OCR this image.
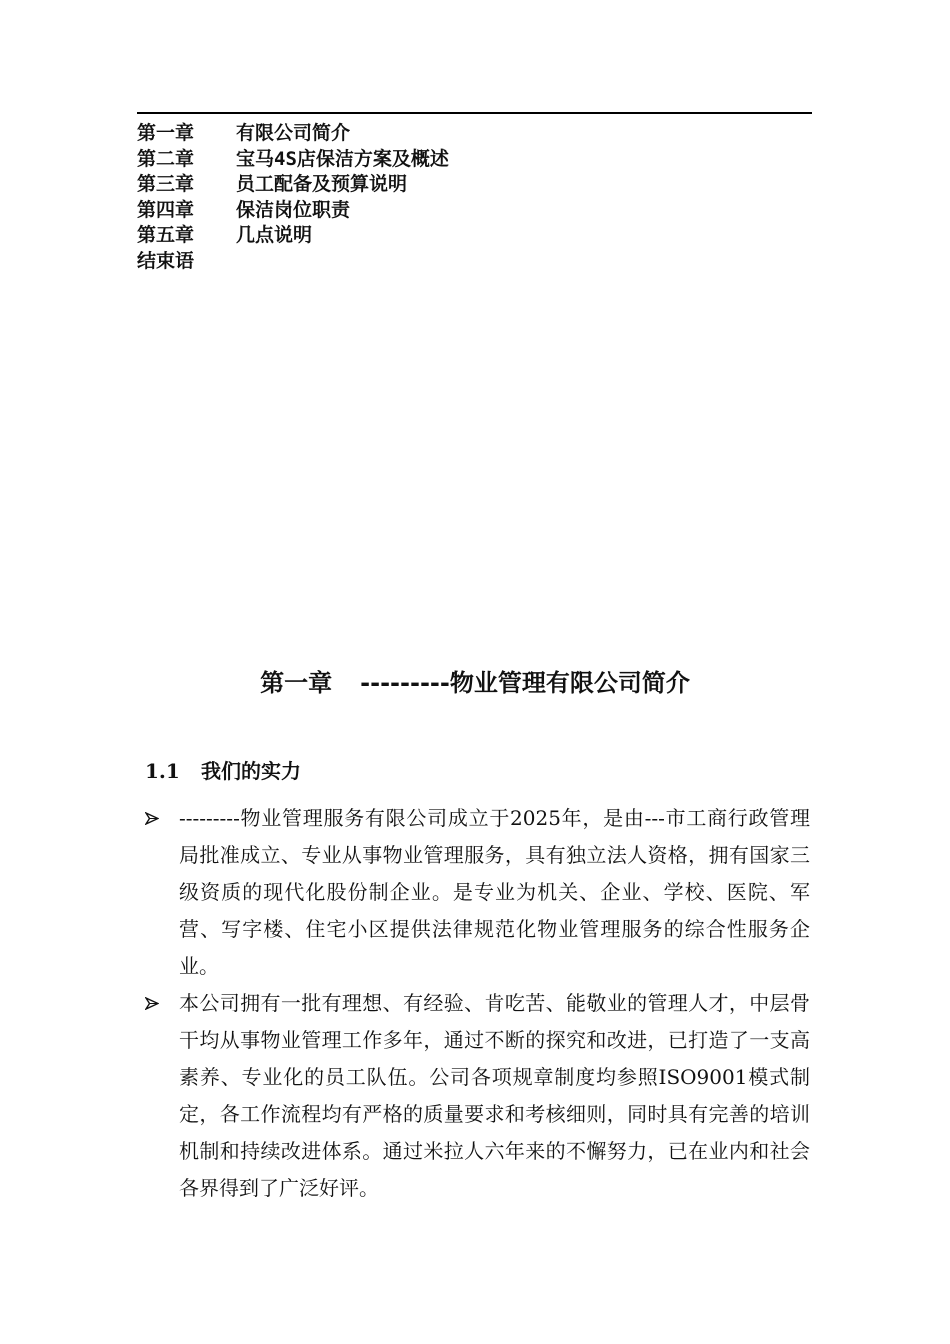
第一章 有限公司简介
第二章 宝马4S店保洁方案及概述
第三章 员工配备及预算说明
第四章 保洁岗位职责
第五章 几点说明
结束语
第一章 ---------物业管理有限公司简介
1.1 我们的实力
---------物业管理服务有限公司成立于2025年，是由---市工商行政管理局批准成立、专业从事物业管理服务，具有独立法人资格，拥有国家三级资质的现代化股份制企业。是专业为机关、企业、学校、医院、军营、写字楼、住宅小区提供法律规范化物业管理服务的综合性服务企业。
本公司拥有一批有理想、有经验、肯吃苦、能敬业的管理人才，中层骨干均从事物业管理工作多年，通过不断的探究和改进，已打造了一支高素养、专业化的员工队伍。公司各项规章制度均参照ISO9001模式制定，各工作流程均有严格的质量要求和考核细则，同时具有完善的培训机制和持续改进体系。通过米拉人六年来的不懈努力，已在业内和社会各界得到了广泛好评。
